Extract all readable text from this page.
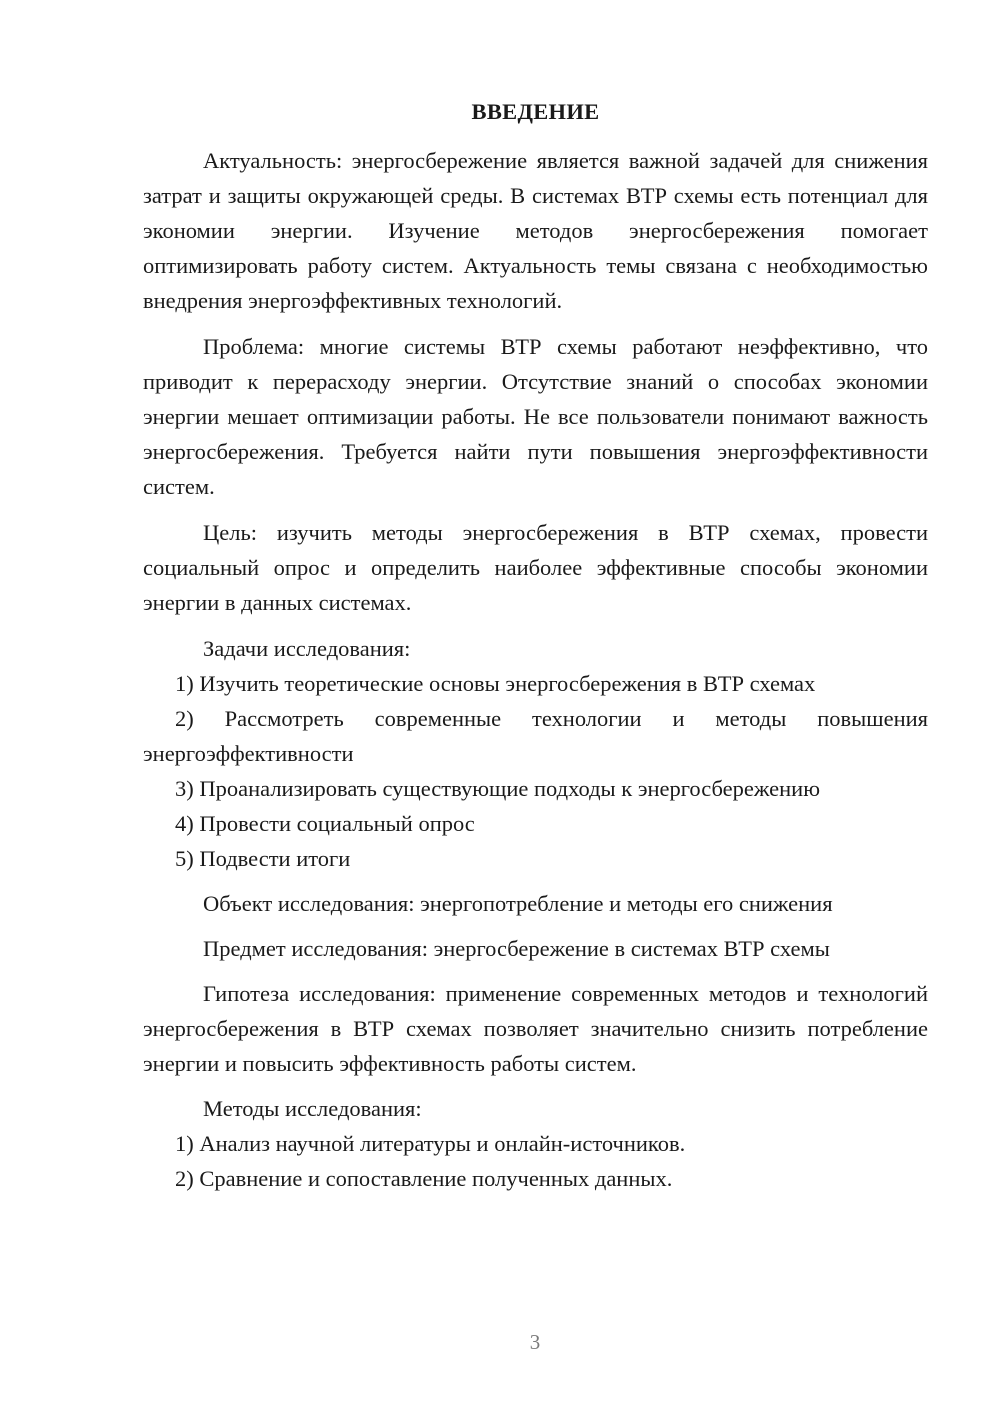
ВВЕДЕНИЕ

Актуальность: энергосбережение является важной задачей для снижения затрат и защиты окружающей среды. В системах ВТР схемы есть потенциал для экономии энергии. Изучение методов энергосбережения помогает оптимизировать работу систем. Актуальность темы связана с необходимостью внедрения энергоэффективных технологий.

Проблема: многие системы ВТР схемы работают неэффективно, что приводит к перерасходу энергии. Отсутствие знаний о способах экономии энергии мешает оптимизации работы. Не все пользователи понимают важность энергосбережения. Требуется найти пути повышения энергоэффективности систем.

Цель: изучить методы энергосбережения в ВТР схемах, провести социальный опрос и определить наиболее эффективные способы экономии энергии в данных системах.

Задачи исследования:

1) Изучить теоретические основы энергосбережения в ВТР схемах

2) Рассмотреть современные технологии и методы повышения энергоэффективности

3) Проанализировать существующие подходы к энергосбережению

4) Провести социальный опрос

5) Подвести итоги

Объект исследования: энергопотребление и методы его снижения

Предмет исследования: энергосбережение в системах ВТР схемы

Гипотеза исследования: применение современных методов и технологий энергосбережения в ВТР схемах позволяет значительно снизить потребление энергии и повысить эффективность работы систем.

Методы исследования:

1) Анализ научной литературы и онлайн-источников.

2) Сравнение и сопоставление полученных данных.

3
